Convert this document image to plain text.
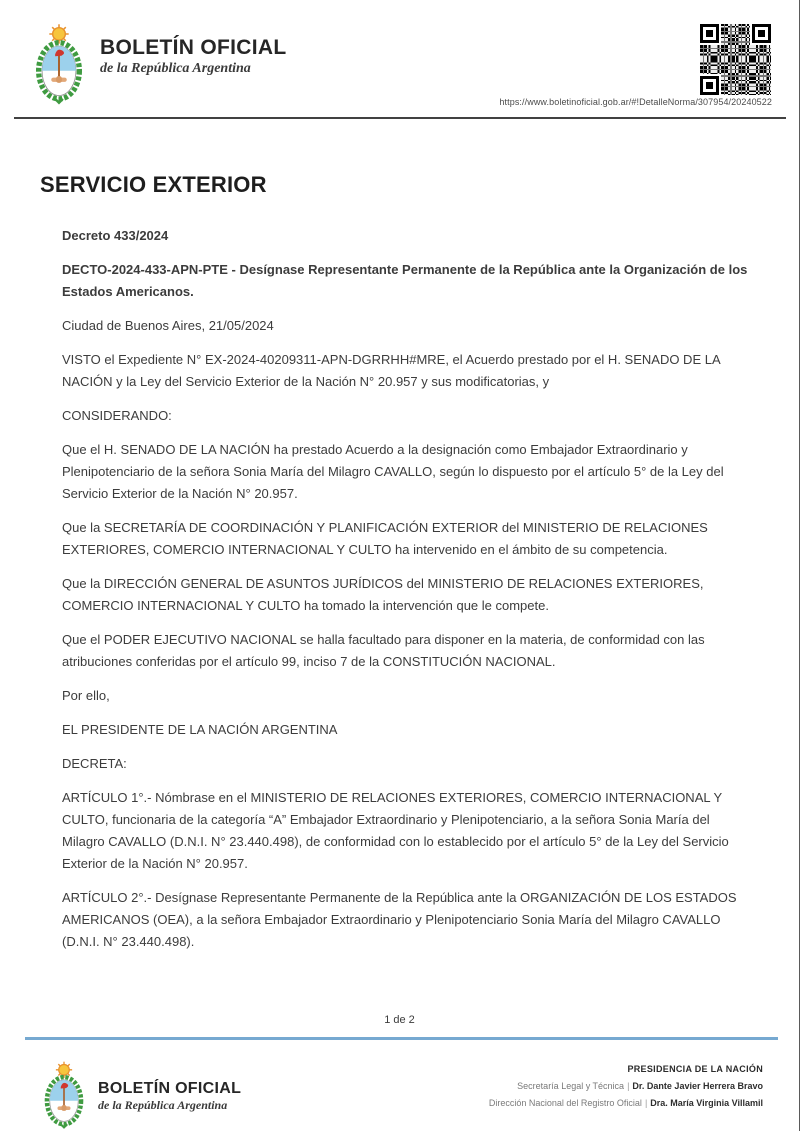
BOLETÍN OFICIAL
de la República Argentina
https://www.boletinoficial.gob.ar/#!DetalleNorma/307954/20240522
SERVICIO EXTERIOR

Decreto 433/2024

DECTO-2024-433-APN-PTE - Desígnase Representante Permanente de la República ante la Organización de los Estados Americanos.

Ciudad de Buenos Aires, 21/05/2024

VISTO el Expediente N° EX-2024-40209311-APN-DGRRHH#MRE, el Acuerdo prestado por el H. SENADO DE LA NACIÓN y la Ley del Servicio Exterior de la Nación N° 20.957 y sus modificatorias, y

CONSIDERANDO:

Que el H. SENADO DE LA NACIÓN ha prestado Acuerdo a la designación como Embajador Extraordinario y Plenipotenciario de la señora Sonia María del Milagro CAVALLO, según lo dispuesto por el artículo 5° de la Ley del Servicio Exterior de la Nación N° 20.957.

Que la SECRETARÍA DE COORDINACIÓN Y PLANIFICACIÓN EXTERIOR del MINISTERIO DE RELACIONES EXTERIORES, COMERCIO INTERNACIONAL Y CULTO ha intervenido en el ámbito de su competencia.

Que la DIRECCIÓN GENERAL DE ASUNTOS JURÍDICOS del MINISTERIO DE RELACIONES EXTERIORES, COMERCIO INTERNACIONAL Y CULTO ha tomado la intervención que le compete.

Que el PODER EJECUTIVO NACIONAL se halla facultado para disponer en la materia, de conformidad con las atribuciones conferidas por el artículo 99, inciso 7 de la CONSTITUCIÓN NACIONAL.

Por ello,

EL PRESIDENTE DE LA NACIÓN ARGENTINA

DECRETA:

ARTÍCULO 1°.- Nómbrase en el MINISTERIO DE RELACIONES EXTERIORES, COMERCIO INTERNACIONAL Y CULTO, funcionaria de la categoría “A” Embajador Extraordinario y Plenipotenciario, a la señora Sonia María del Milagro CAVALLO (D.N.I. N° 23.440.498), de conformidad con lo establecido por el artículo 5° de la Ley del Servicio Exterior de la Nación N° 20.957.

ARTÍCULO 2°.- Desígnase Representante Permanente de la República ante la ORGANIZACIÓN DE LOS ESTADOS AMERICANOS (OEA), a la señora Embajador Extraordinario y Plenipotenciario Sonia María del Milagro CAVALLO (D.N.I. N° 23.440.498).

1 de 2
BOLETÍN OFICIAL
de la República Argentina
PRESIDENCIA DE LA NACIÓN
Secretaría Legal y Técnica | Dr. Dante Javier Herrera Bravo
Dirección Nacional del Registro Oficial | Dra. María Virginia Villamil
